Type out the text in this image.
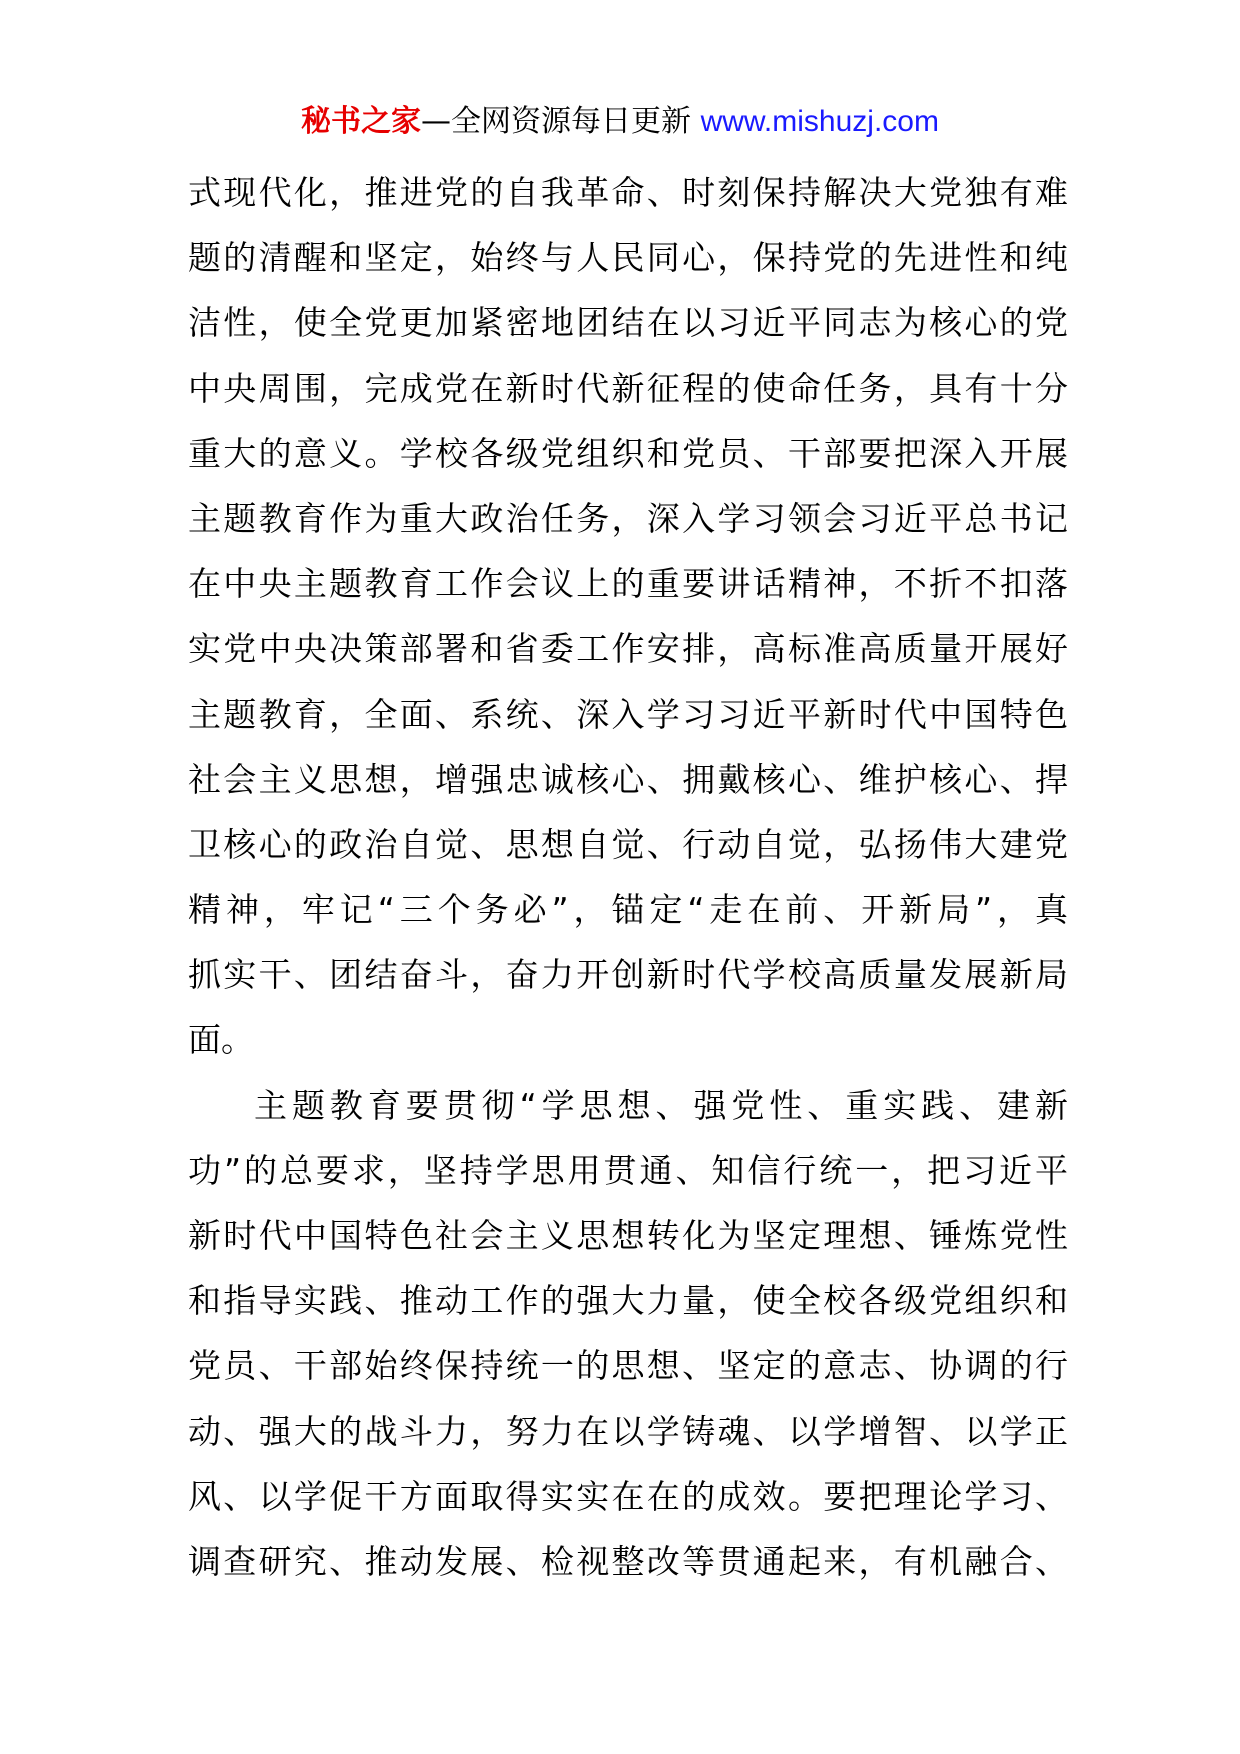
秘书之家—全网资源每日更新 www.mishuzj.com
式现代化，推进党的自我革命、时刻保持解决大党独有难
题的清醒和坚定，始终与人民同心，保持党的先进性和纯
洁性，使全党更加紧密地团结在以习近平同志为核心的党
中央周围，完成党在新时代新征程的使命任务，具有十分
重大的意义。学校各级党组织和党员、干部要把深入开展
主题教育作为重大政治任务，深入学习领会习近平总书记
在中央主题教育工作会议上的重要讲话精神，不折不扣落
实党中央决策部署和省委工作安排，高标准高质量开展好
主题教育，全面、系统、深入学习习近平新时代中国特色
社会主义思想，增强忠诚核心、拥戴核心、维护核心、捍
卫核心的政治自觉、思想自觉、行动自觉，弘扬伟大建党
精神，牢记“三个务必”，锚定“走在前、开新局”，真
抓实干、团结奋斗，奋力开创新时代学校高质量发展新局
面。
主题教育要贯彻“学思想、强党性、重实践、建新
功”的总要求，坚持学思用贯通、知信行统一，把习近平
新时代中国特色社会主义思想转化为坚定理想、锤炼党性
和指导实践、推动工作的强大力量，使全校各级党组织和
党员、干部始终保持统一的思想、坚定的意志、协调的行
动、强大的战斗力，努力在以学铸魂、以学增智、以学正
风、以学促干方面取得实实在在的成效。要把理论学习、
调查研究、推动发展、检视整改等贯通起来，有机融合、
